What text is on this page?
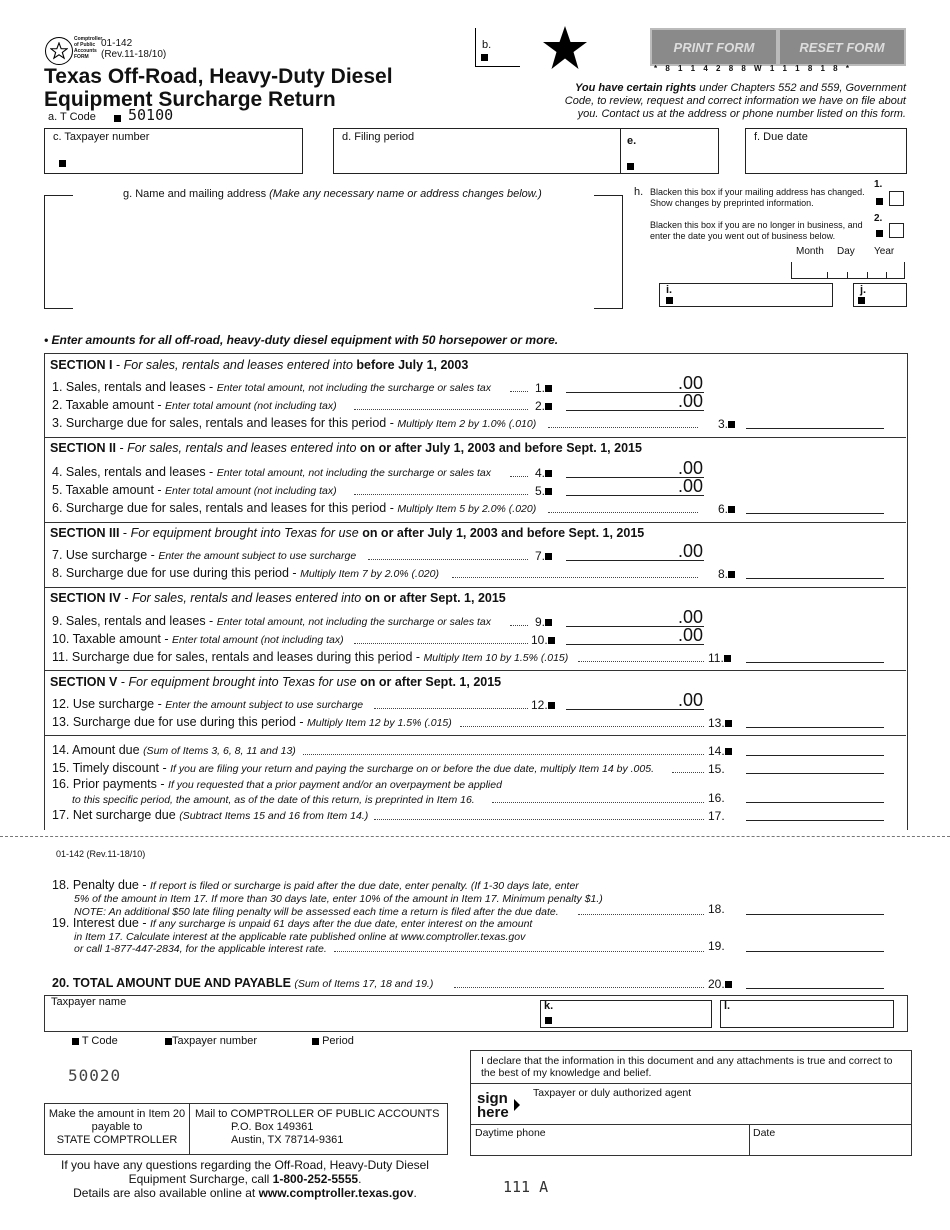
Comptroller
of Public
Accounts
FORM
01-142
(Rev.11-18/10)
Texas Off-Road, Heavy-Duty Diesel
Equipment Surcharge Return
a. T Code 50100
b.	PRINT FORM	RESET FORM
* 8 1 1 4 2 8 8 W 1 1 1 8 1 8 *
You have certain rights under Chapters 552 and 559, Government Code, to review, request and correct information we have on file about you. Contact us at the address or phone number listed on this form.
c. Taxpayer number	d. Filing period	e.	f. Due date
g. Name and mailing address (Make any necessary name or address changes below.)	h. Blacken this box if your mailing address has changed. Show changes by preprinted information.
1.
Blacken this box if you are no longer in business, and enter the date you went out of business below.
2.
Month Day Year
i.	j.
• Enter amounts for all off-road, heavy-duty diesel equipment with 50 horsepower or more.
SECTION I - For sales, rentals and leases entered into before July 1, 2003
1. Sales, rentals and leases - Enter total amount, not including the surcharge or sales tax	1.	.00
2. Taxable amount - Enter total amount (not including tax)	2.	.00
3. Surcharge due for sales, rentals and leases for this period - Multiply Item 2 by 1.0% (.010)	3.
SECTION II - For sales, rentals and leases entered into on or after July 1, 2003 and before Sept. 1, 2015
4. Sales, rentals and leases - Enter total amount, not including the surcharge or sales tax	4.	.00
5. Taxable amount - Enter total amount (not including tax)	5.	.00
6. Surcharge due for sales, rentals and leases for this period - Multiply Item 5 by 2.0% (.020)	6.
SECTION III - For equipment brought into Texas for use on or after July 1, 2003 and before Sept. 1, 2015
7. Use surcharge - Enter the amount subject to use surcharge	7.	.00
8. Surcharge due for use during this period - Multiply Item 7 by 2.0% (.020)	8.
SECTION IV - For sales, rentals and leases entered into on or after Sept. 1, 2015
9. Sales, rentals and leases - Enter total amount, not including the surcharge or sales tax	9.	.00
10. Taxable amount - Enter total amount (not including tax)	10.	.00
11. Surcharge due for sales, rentals and leases during this period - Multiply Item 10 by 1.5% (.015)	11.
SECTION V - For equipment brought into Texas for use on or after Sept. 1, 2015
12. Use surcharge - Enter the amount subject to use surcharge	12.	.00
13. Surcharge due for use during this period - Multiply Item 12 by 1.5% (.015)	13.
14. Amount due (Sum of Items 3, 6, 8, 11 and 13)	14.
15. Timely discount - If you are filing your return and paying the surcharge on or before the due date, multiply Item 14 by .005.	15.
16. Prior payments - If you requested that a prior payment and/or an overpayment be applied
to this specific period, the amount, as of the date of this return, is preprinted in Item 16.	16.
17. Net surcharge due (Subtract Items 15 and 16 from Item 14.)	17.
01-142 (Rev.11-18/10)
18. Penalty due - If report is filed or surcharge is paid after the due date, enter penalty. (If 1-30 days late, enter
5% of the amount in Item 17. If more than 30 days late, enter 10% of the amount in Item 17. Minimum penalty $1.)
NOTE: An additional $50 late filing penalty will be assessed each time a return is filed after the due date.	18.
19. Interest due - If any surcharge is unpaid 61 days after the due date, enter interest on the amount
in Item 17. Calculate interest at the applicable rate published online at www.comptroller.texas.gov
or call 1-877-447-2834, for the applicable interest rate.	19.
20. TOTAL AMOUNT DUE AND PAYABLE (Sum of Items 17, 18 and 19.)	20.
Taxpayer name	k.	l.
T Code	Taxpayer number	Period
50020
I declare that the information in this document and any attachments is true and correct to the best of my knowledge and belief.
sign
here
Taxpayer or duly authorized agent
Daytime phone	Date
Make the amount in Item 20
payable to
STATE COMPTROLLER
Mail to COMPTROLLER OF PUBLIC ACCOUNTS
P.O. Box 149361
Austin, TX 78714-9361
If you have any questions regarding the Off-Road, Heavy-Duty Diesel
Equipment Surcharge, call 1-800-252-5555.
Details are also available online at www.comptroller.texas.gov.	111 A
